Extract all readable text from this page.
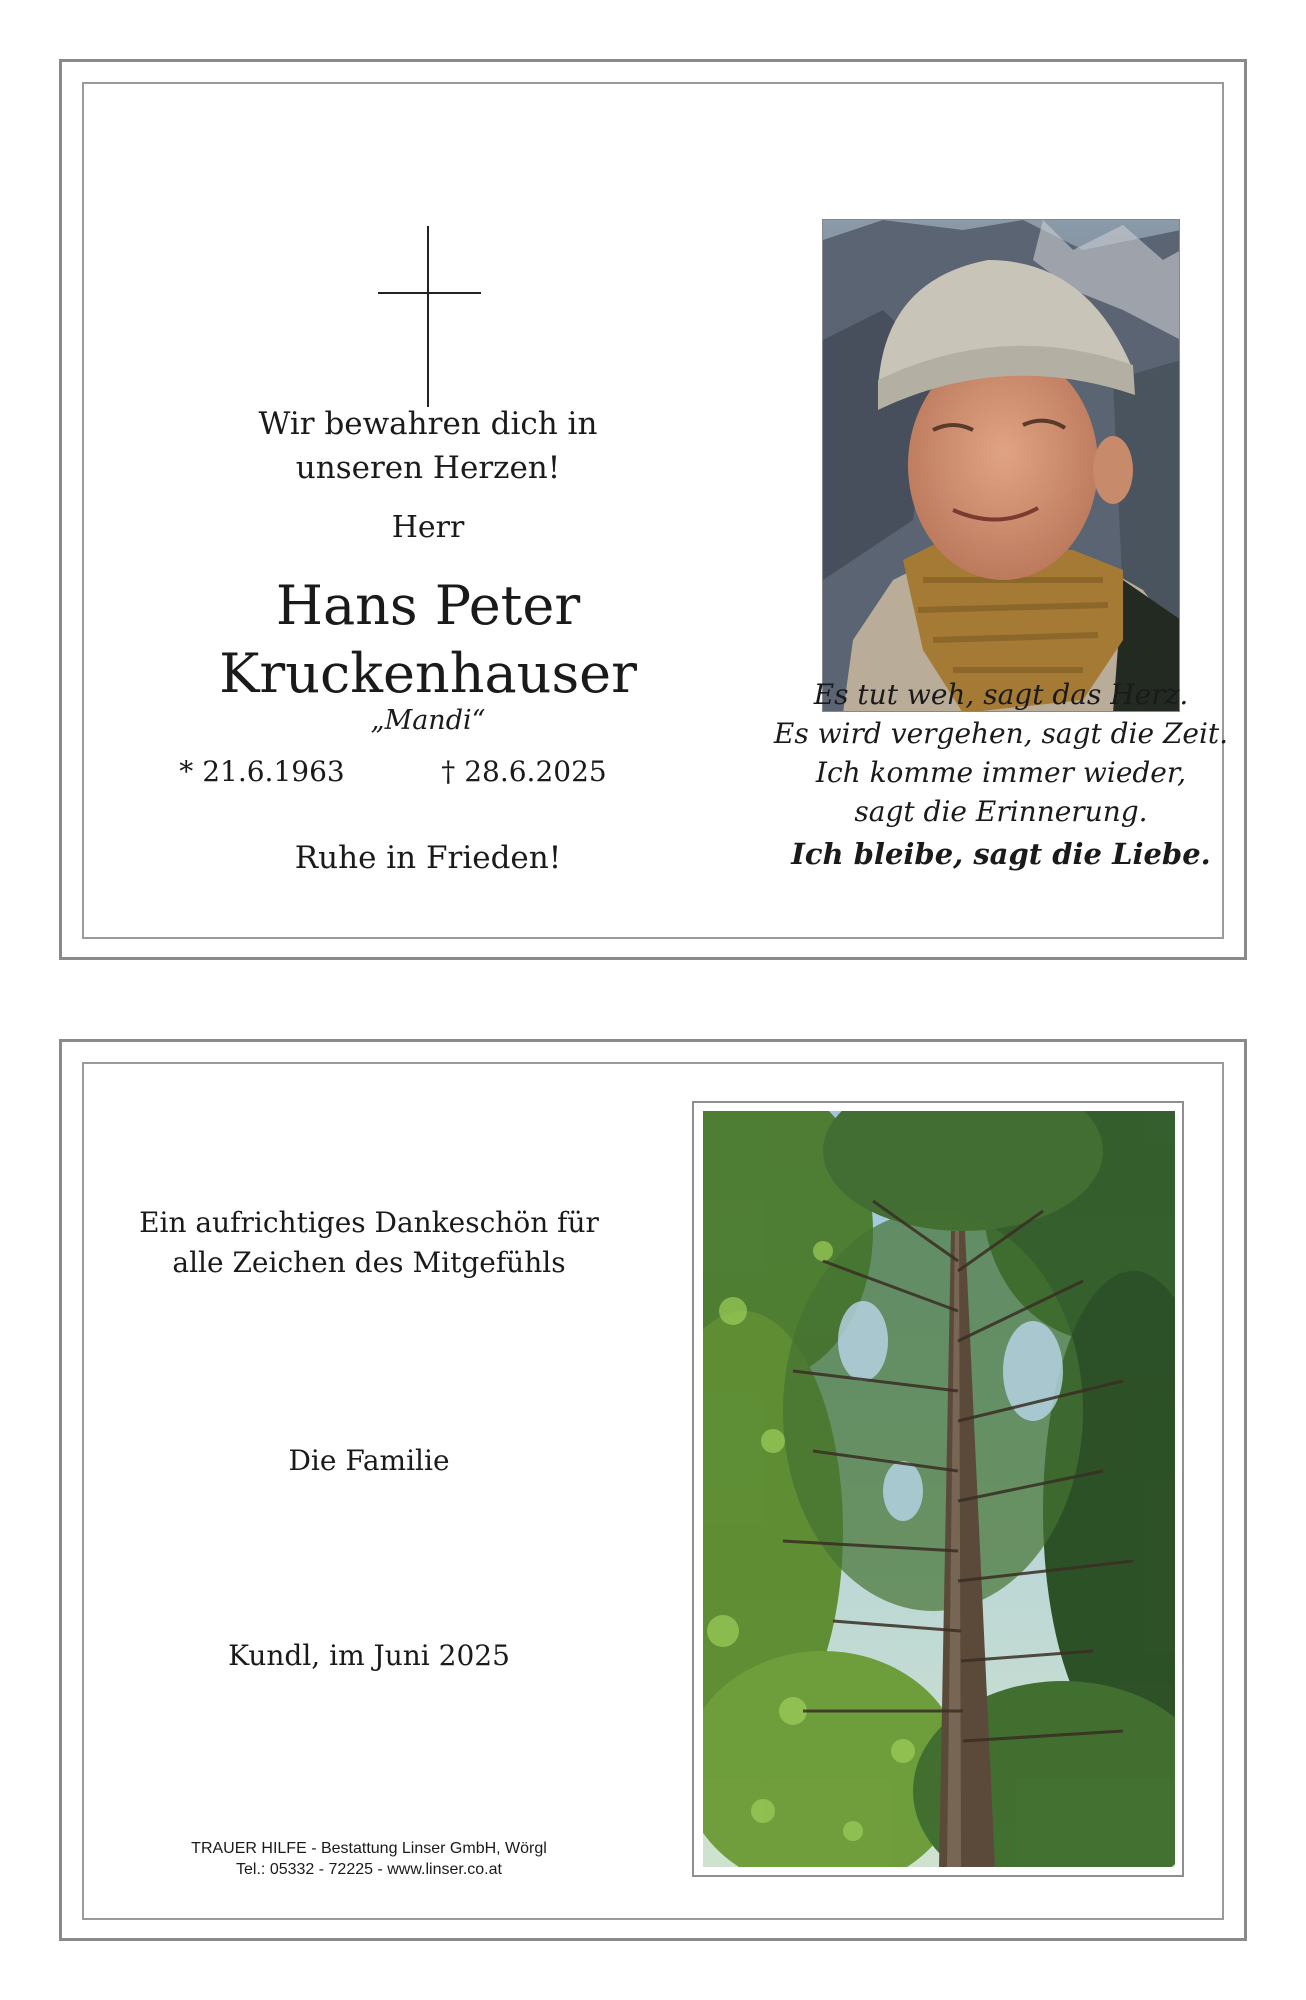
Wir bewahren dich in
unseren Herzen!
Herr
Hans Peter
Kruckenhauser
„Mandi“
* 21.6.1963	† 28.6.2025
Ruhe in Frieden!
Es tut weh, sagt das Herz.
Es wird vergehen, sagt die Zeit.
Ich komme immer wieder,
sagt die Erinnerung.
Ich bleibe, sagt die Liebe.
Ein aufrichtiges Dankeschön für
alle Zeichen des Mitgefühls
Die Familie
Kundl, im Juni 2025
TRAUER HILFE - Bestattung Linser GmbH, Wörgl
Tel.: 05332 - 72225 - www.linser.co.at
